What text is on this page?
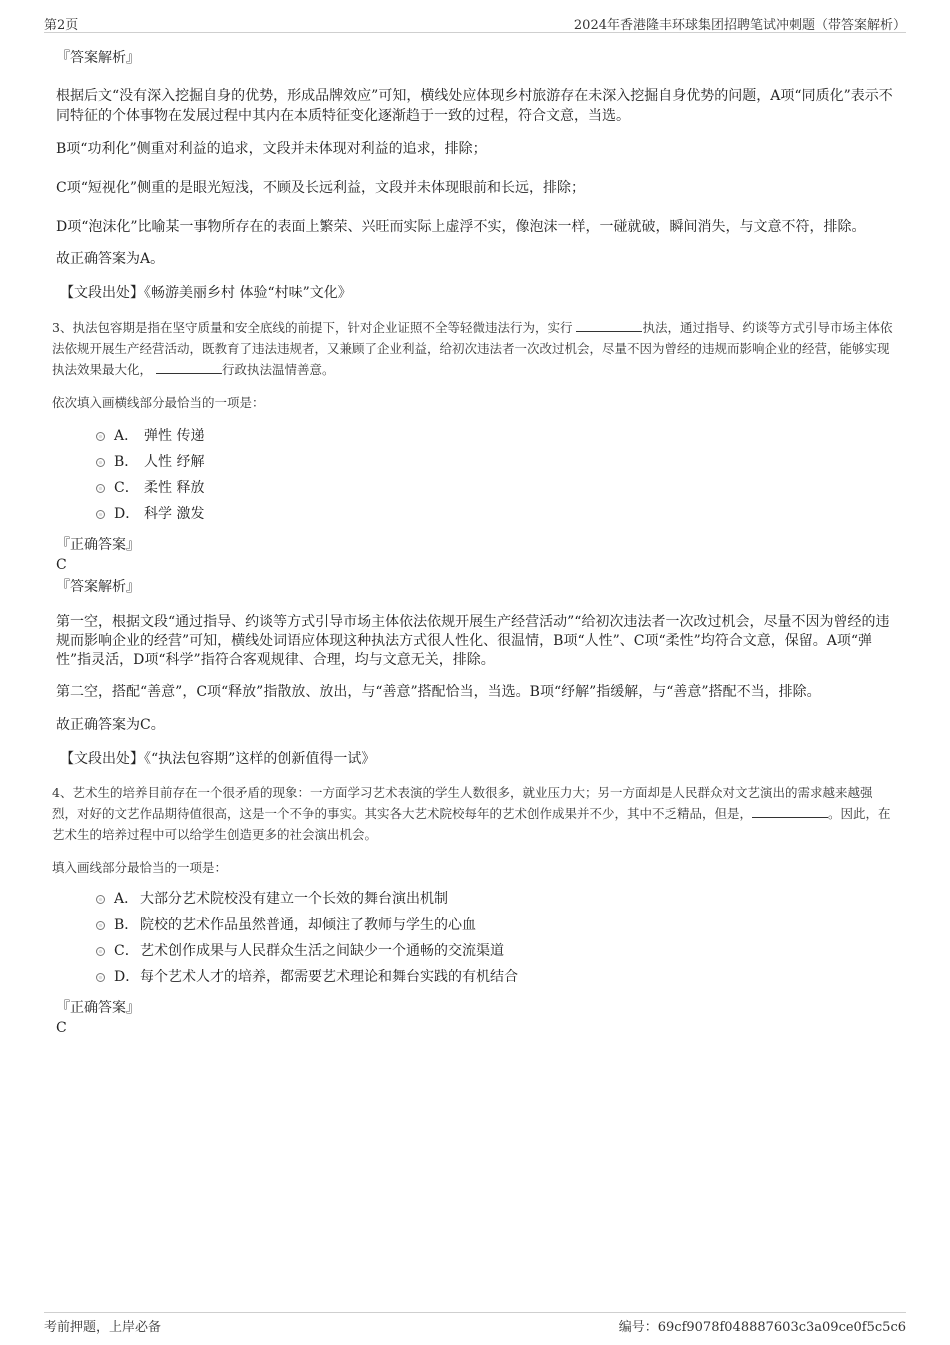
第2页	2024年香港隆丰环球集团招聘笔试冲刺题（带答案解析）

『答案解析』

根据后文“没有深入挖掘自身的优势，形成品牌效应”可知，横线处应体现乡村旅游存在未深入挖掘自身优势的问题，A项“同质化”表示不同特征的个体事物在发展过程中其内在本质特征变化逐渐趋于一致的过程，符合文意，当选。

B项“功利化”侧重对利益的追求，文段并未体现对利益的追求，排除；

C项“短视化”侧重的是眼光短浅，不顾及长远利益，文段并未体现眼前和长远，排除；

D项“泡沫化”比喻某一事物所存在的表面上繁荣、兴旺而实际上虚浮不实，像泡沫一样，一碰就破，瞬间消失，与文意不符，排除。

故正确答案为A。

【文段出处】《畅游美丽乡村 体验“村味”文化》

3、执法包容期是指在坚守质量和安全底线的前提下，针对企业证照不全等轻微违法行为，实行	执法，通过指导、约谈等方式引导市场主体依法依规开展生产经营活动，既教育了违法违规者，又兼顾了企业利益，给初次违法者一次改过机会，尽量不因为曾经的违规而影响企业的经营，能够实现执法效果最大化，	行政执法温情善意。

依次填入画横线部分最恰当的一项是：

A． 弹性 传递
B． 人性 纾解
C． 柔性 释放
D． 科学 激发

『正确答案』

C

『答案解析』

第一空，根据文段“通过指导、约谈等方式引导市场主体依法依规开展生产经营活动”“给初次违法者一次改过机会，尽量不因为曾经的违规而影响企业的经营”可知，横线处词语应体现这种执法方式很人性化、很温情，B项“人性”、C项“柔性”均符合文意，保留。A项“弹性”指灵活，D项“科学”指符合客观规律、合理，均与文意无关，排除。

第二空，搭配“善意”，C项“释放”指散放、放出，与“善意”搭配恰当，当选。B项“纾解”指缓解，与“善意”搭配不当，排除。

故正确答案为C。

【文段出处】《“执法包容期”这样的创新值得一试》

4、艺术生的培养目前存在一个很矛盾的现象：一方面学习艺术表演的学生人数很多，就业压力大；另一方面却是人民群众对文艺演出的需求越来越强烈，对好的文艺作品期待值很高，这是一个不争的事实。其实各大艺术院校每年的艺术创作成果并不少，其中不乏精品，但是，	。因此，在艺术生的培养过程中可以给学生创造更多的社会演出机会。

填入画线部分最恰当的一项是：

A． 大部分艺术院校没有建立一个长效的舞台演出机制
B． 院校的艺术作品虽然普通，却倾注了教师与学生的心血
C．艺术创作成果与人民群众生活之间缺少一个通畅的交流渠道
D．每个艺术人才的培养，都需要艺术理论和舞台实践的有机结合

『正确答案』

C

考前押题，上岸必备	编号：69cf9078f048887603c3a09ce0f5c5c6
